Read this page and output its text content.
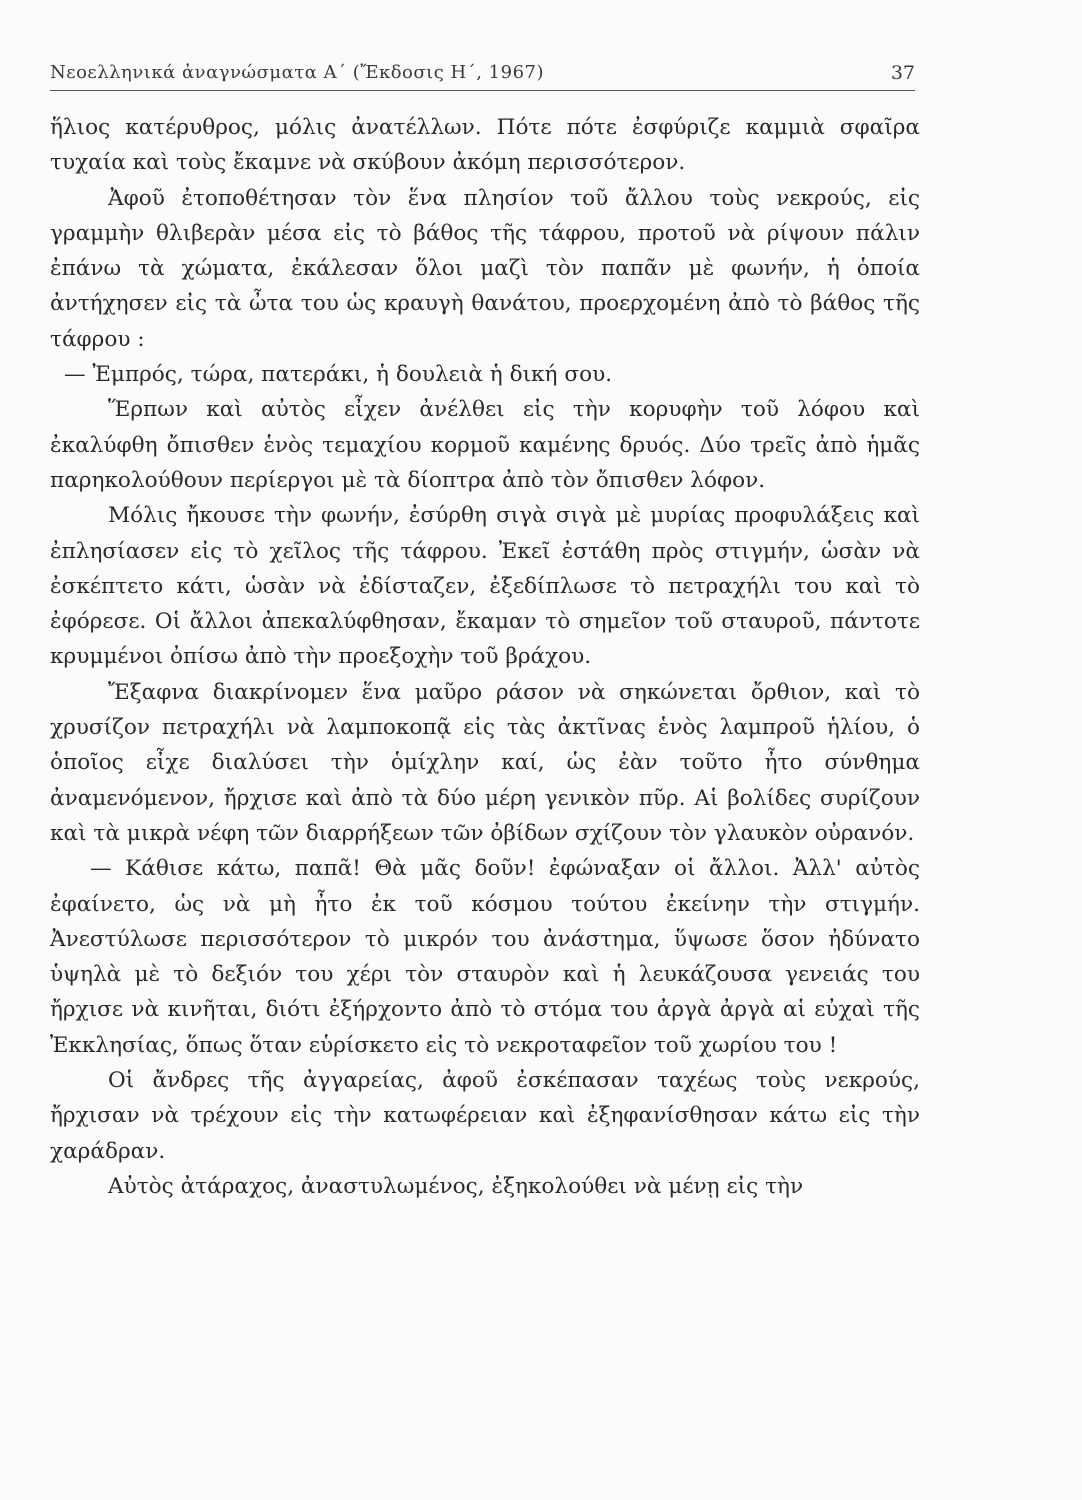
Νεοελληνικά ἀναγνώσματα Α΄ (Ἔκδοσις Η΄, 1967)	37

ἥλιος κατέρυθρος, μόλις ἀνατέλλων. Πότε πότε ἐσφύριζε καμμιὰ σφαῖρα τυχαία καὶ τοὺς ἔκαμνε νὰ σκύβουν ἀκόμη περισσότερον.

Ἀφοῦ ἐτοποθέτησαν τὸν ἕνα πλησίον τοῦ ἄλλου τοὺς νεκρούς, εἰς γραμμὴν θλιβερὰν μέσα εἰς τὸ βάθος τῆς τάφρου, προτοῦ νὰ ρίψουν πάλιν ἐπάνω τὰ χώματα, ἐκάλεσαν ὅλοι μαζὶ τὸν παπᾶν μὲ φωνήν, ἡ ὁποία ἀντήχησεν εἰς τὰ ὦτα του ὡς κραυγὴ θανάτου, προερχομένη ἀπὸ τὸ βάθος τῆς τάφρου :

— Ἐμπρός, τώρα, πατεράκι, ἡ δουλειὰ ἡ δική σου.

Ἕρπων καὶ αὐτὸς εἶχεν ἀνέλθει εἰς τὴν κορυφὴν τοῦ λόφου καὶ ἐκαλύφθη ὄπισθεν ἑνὸς τεμαχίου κορμοῦ καμένης δρυός. Δύο τρεῖς ἀπὸ ἡμᾶς παρηκολούθουν περίεργοι μὲ τὰ δίοπτρα ἀπὸ τὸν ὄπισθεν λόφον.

Μόλις ἤκουσε τὴν φωνήν, ἐσύρθη σιγὰ σιγὰ μὲ μυρίας προφυλάξεις καὶ ἐπλησίασεν εἰς τὸ χεῖλος τῆς τάφρου. Ἐκεῖ ἐστάθη πρὸς στιγμήν, ὡσὰν νὰ ἐσκέπτετο κάτι, ὡσὰν νὰ ἐδίσταζεν, ἐξεδίπλωσε τὸ πετραχήλι του καὶ τὸ ἐφόρεσε. Οἱ ἄλλοι ἀπεκαλύφθησαν, ἔκαμαν τὸ σημεῖον τοῦ σταυροῦ, πάντοτε κρυμμένοι ὀπίσω ἀπὸ τὴν προεξοχὴν τοῦ βράχου.

Ἔξαφνα διακρίνομεν ἕνα μαῦρο ράσον νὰ σηκώνεται ὄρθιον, καὶ τὸ χρυσίζον πετραχήλι νὰ λαμποκοπᾷ εἰς τὰς ἀκτῖνας ἑνὸς λαμπροῦ ἡλίου, ὁ ὁποῖος εἶχε διαλύσει τὴν ὁμίχλην καί, ὡς ἐὰν τοῦτο ἦτο σύνθημα ἀναμενόμενον, ἤρχισε καὶ ἀπὸ τὰ δύο μέρη γενικὸν πῦρ. Αἱ βολίδες συρίζουν καὶ τὰ μικρὰ νέφη τῶν διαρρήξεων τῶν ὀβίδων σχίζουν τὸν γλαυκὸν οὐρανόν.

— Κάθισε κάτω, παπᾶ! Θὰ μᾶς δοῦν! ἐφώναξαν οἱ ἄλλοι. Ἀλλ' αὐτὸς ἐφαίνετο, ὡς νὰ μὴ ἦτο ἐκ τοῦ κόσμου τούτου ἐκείνην τὴν στιγμήν. Ἀνεστύλωσε περισσότερον τὸ μικρόν του ἀνάστημα, ὕψωσε ὅσον ἠδύνατο ὑψηλὰ μὲ τὸ δεξιόν του χέρι τὸν σταυρὸν καὶ ἡ λευκάζουσα γενειάς του ἤρχισε νὰ κινῆται, διότι ἐξήρχοντο ἀπὸ τὸ στόμα του ἀργὰ ἀργὰ αἱ εὐχαὶ τῆς Ἐκκλησίας, ὅπως ὅταν εὑρίσκετο εἰς τὸ νεκροταφεῖον τοῦ χωρίου του !

Οἱ ἄνδρες τῆς ἀγγαρείας, ἀφοῦ ἐσκέπασαν ταχέως τοὺς νεκρούς, ἤρχισαν νὰ τρέχουν εἰς τὴν κατωφέρειαν καὶ ἐξηφανίσθησαν κάτω εἰς τὴν χαράδραν.

Αὐτὸς ἀτάραχος, ἀναστυλωμένος, ἐξηκολούθει νὰ μένῃ εἰς τὴν
